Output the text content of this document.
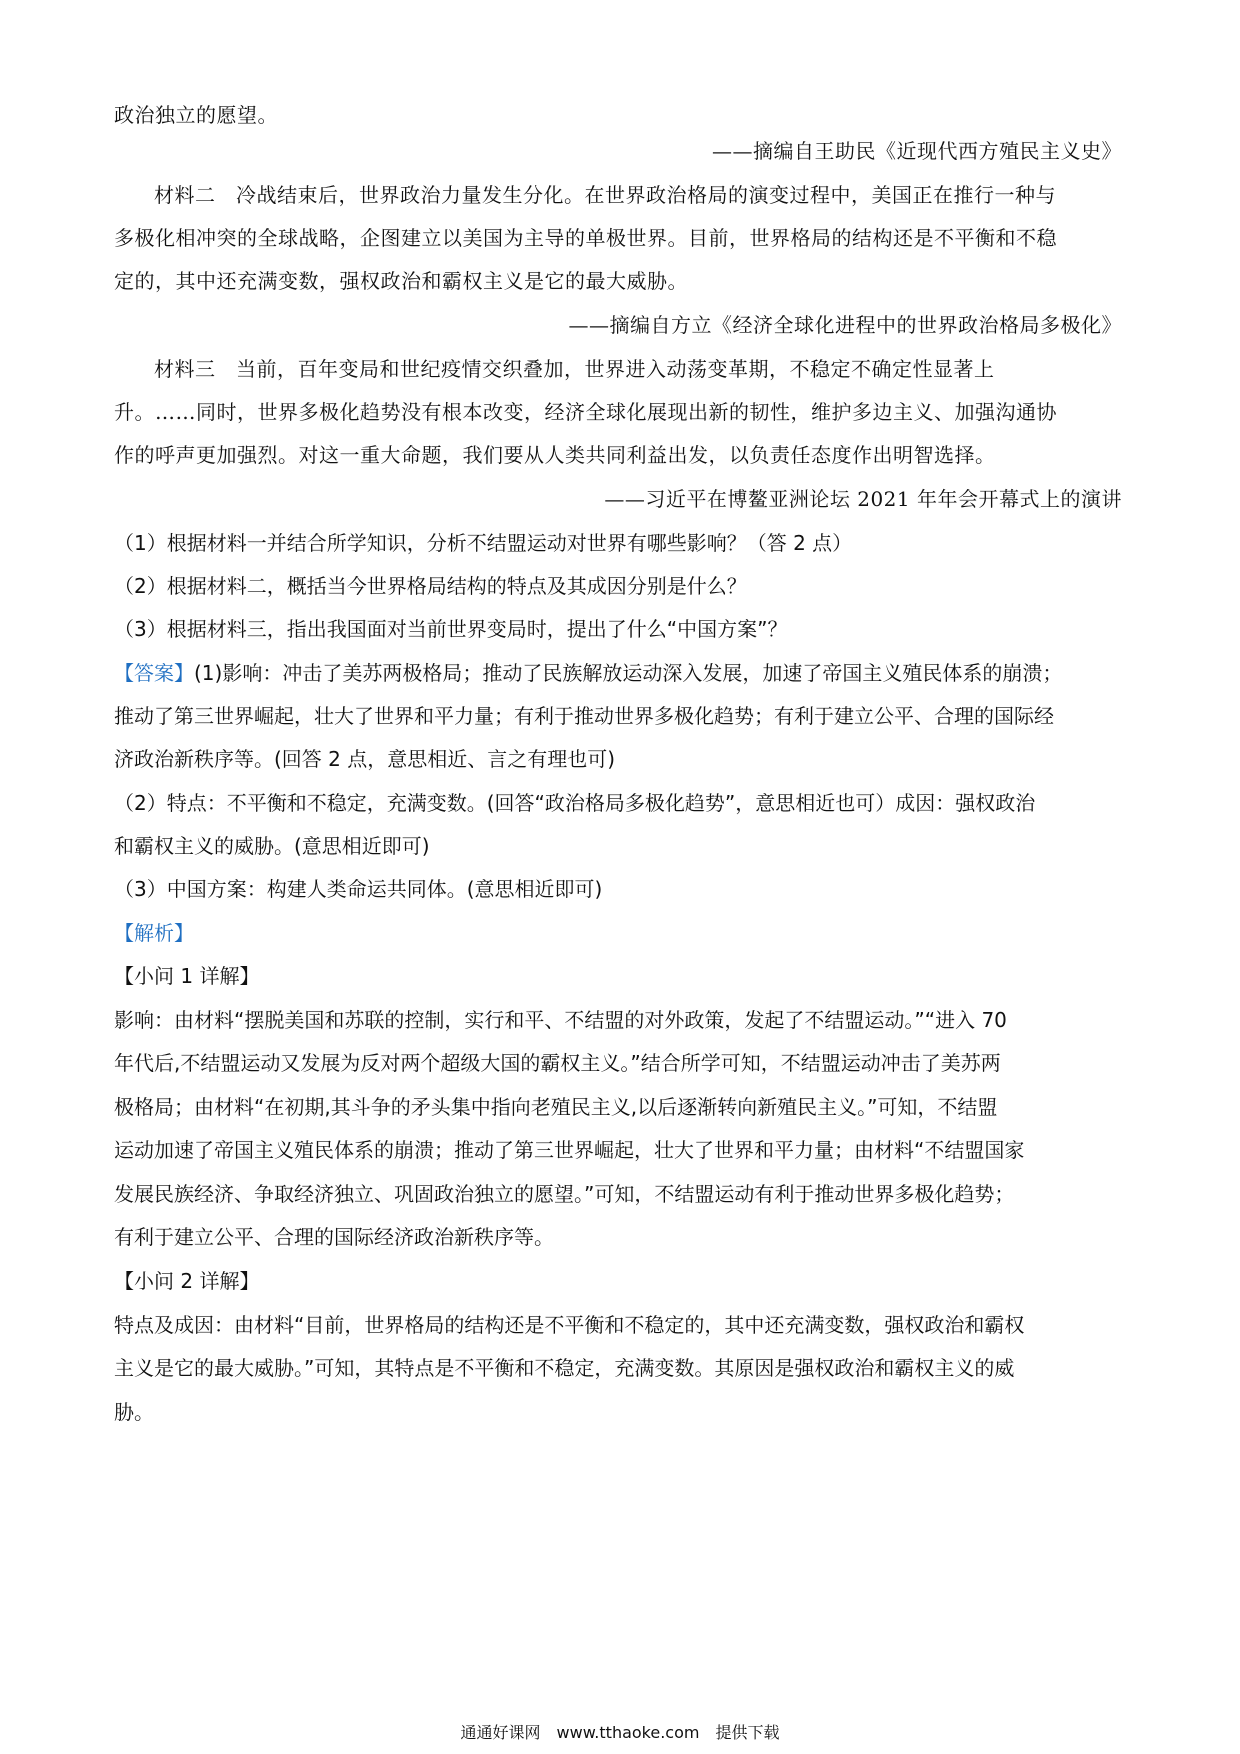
政治独立的愿望。
——摘编自王助民《近现代西方殖民主义史》
材料二　冷战结束后，世界政治力量发生分化。在世界政治格局的演变过程中，美国正在推行一种与
多极化相冲突的全球战略，企图建立以美国为主导的单极世界。目前，世界格局的结构还是不平衡和不稳
定的，其中还充满变数，强权政治和霸权主义是它的最大威胁。
——摘编自方立《经济全球化进程中的世界政治格局多极化》
材料三　当前，百年变局和世纪疫情交织叠加，世界进入动荡变革期，不稳定不确定性显著上
升。……同时，世界多极化趋势没有根本改变，经济全球化展现出新的韧性，维护多边主义、加强沟通协
作的呼声更加强烈。对这一重大命题，我们要从人类共同利益出发，以负责任态度作出明智选择。
——习近平在博鳌亚洲论坛 2021 年年会开幕式上的演讲
（1）根据材料一并结合所学知识，分析不结盟运动对世界有哪些影响？（答 2 点）
（2）根据材料二，概括当今世界格局结构的特点及其成因分别是什么？
（3）根据材料三，指出我国面对当前世界变局时，提出了什么“中国方案”？
【答案】(1)影响：冲击了美苏两极格局；推动了民族解放运动深入发展，加速了帝国主义殖民体系的崩溃；
推动了第三世界崛起，壮大了世界和平力量；有利于推动世界多极化趋势；有利于建立公平、合理的国际经
济政治新秩序等。(回答 2 点，意思相近、言之有理也可)
（2）特点：不平衡和不稳定，充满变数。(回答“政治格局多极化趋势”，意思相近也可）成因：强权政治
和霸权主义的威胁。(意思相近即可)
（3）中国方案：构建人类命运共同体。(意思相近即可)
【解析】
【小问 1 详解】
影响：由材料“摆脱美国和苏联的控制，实行和平、不结盟的对外政策，发起了不结盟运动。”“进入 70
年代后,不结盟运动又发展为反对两个超级大国的霸权主义。”结合所学可知，不结盟运动冲击了美苏两
极格局；由材料“在初期,其斗争的矛头集中指向老殖民主义,以后逐渐转向新殖民主义。”可知，不结盟
运动加速了帝国主义殖民体系的崩溃；推动了第三世界崛起，壮大了世界和平力量；由材料“不结盟国家
发展民族经济、争取经济独立、巩固政治独立的愿望。”可知，不结盟运动有利于推动世界多极化趋势；
有利于建立公平、合理的国际经济政治新秩序等。
【小问 2 详解】
特点及成因：由材料“目前，世界格局的结构还是不平衡和不稳定的，其中还充满变数，强权政治和霸权
主义是它的最大威胁。”可知，其特点是不平衡和不稳定，充满变数。其原因是强权政治和霸权主义的威
胁。
通通好课网　www.tthaoke.com　提供下载
